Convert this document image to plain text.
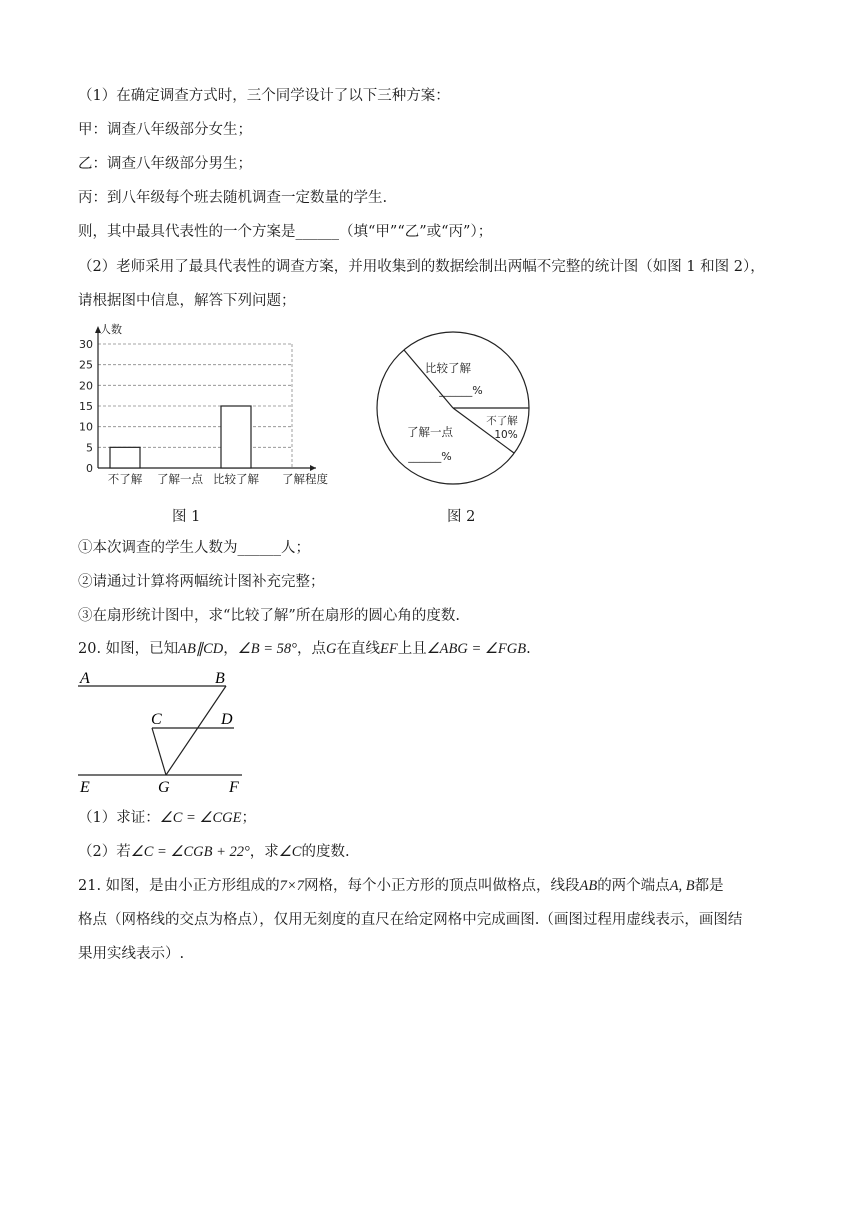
（1）在确定调查方式时，三个同学设计了以下三种方案：
甲：调查八年级部分女生；
乙：调查八年级部分男生；
丙：到八年级每个班去随机调查一定数量的学生.
则，其中最具代表性的一个方案是______（填“甲”“乙”或“丙”）；
（2）老师采用了最具代表性的调查方案，并用收集到的数据绘制出两幅不完整的统计图（如图 1 和图 2），
请根据图中信息，解答下列问题；
0
5
10
15
20
25
30
人数
了解程度
不了解 了解一点 比较了解
图 1
比较了解
______%
不了解
10%
了解一点
______%
图 2
①本次调查的学生人数为______人；
②请通过计算将两幅统计图补充完整；
③在扇形统计图中，求“比较了解”所在扇形的圆心角的度数.
20. 如图，已知AB∥CD，∠B = 58°，点G在直线EF上且∠ABG = ∠FGB.
A	B
C	D
E	G	F
（1）求证：∠C = ∠CGE；
（2）若∠C = ∠CGB + 22°，求∠C的度数.
21. 如图，是由小正方形组成的7×7网格，每个小正方形的顶点叫做格点，线段AB的两个端点A, B都是
格点（网格线的交点为格点），仅用无刻度的直尺在给定网格中完成画图.（画图过程用虚线表示，画图结
果用实线表示）.
